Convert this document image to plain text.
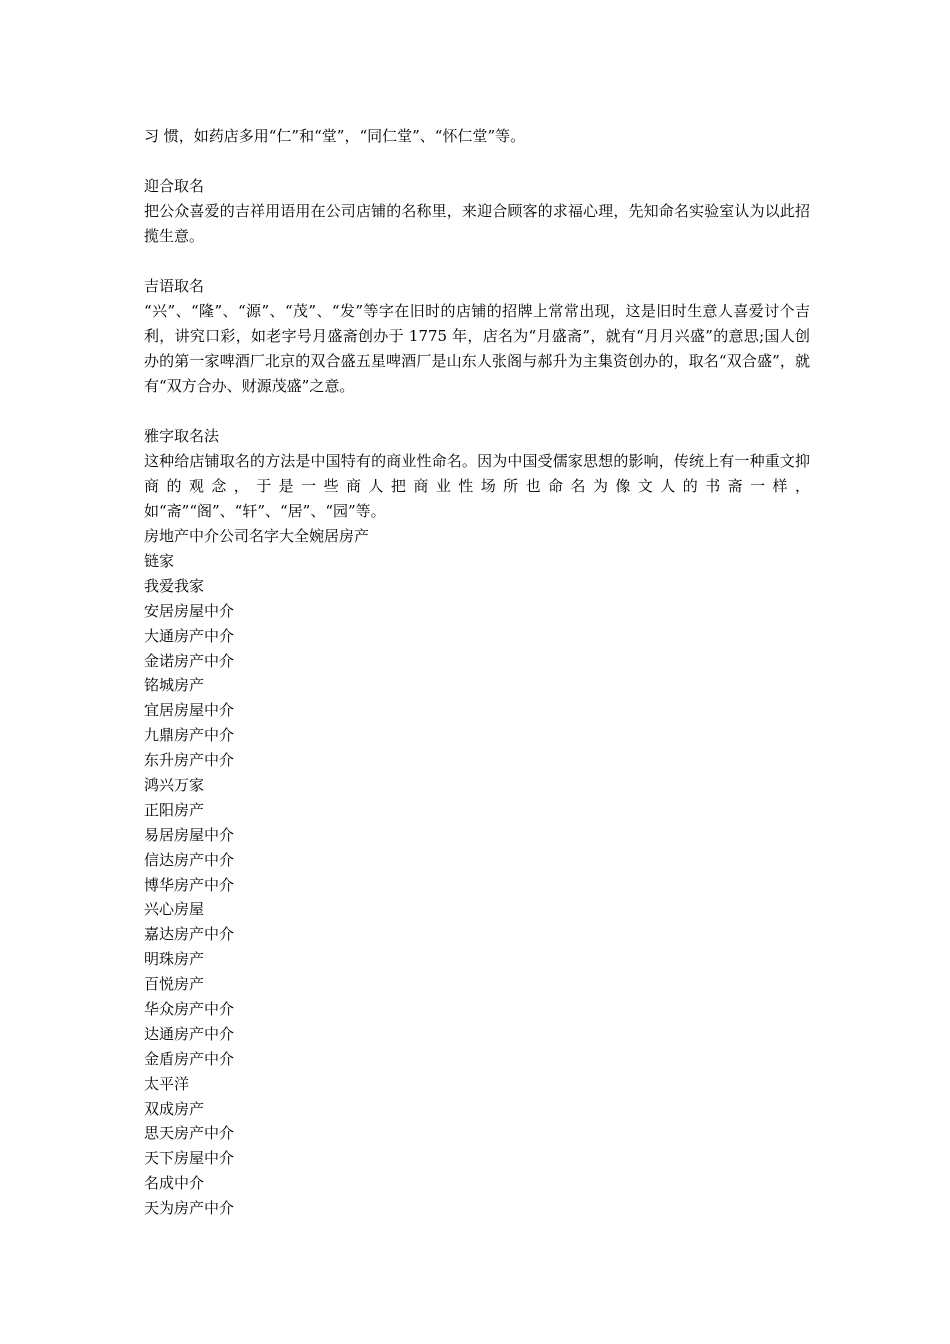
习 惯，如药店多用“仁”和“堂”，“同仁堂”、“怀仁堂”等。
迎合取名
把公众喜爱的吉祥用语用在公司店铺的名称里，来迎合顾客的求福心理，先知命名实验室认为以此招揽生意。
吉语取名
“兴”、“隆”、“源”、“茂”、“发”等字在旧时的店铺的招牌上常常出现，这是旧时生意人喜爱讨个吉利，讲究口彩，如老字号月盛斋创办于 1775 年，店名为“月盛斋”，就有“月月兴盛”的意思;国人创办的第一家啤酒厂北京的双合盛五星啤酒厂是山东人张阁与郝升为主集资创办的，取名“双合盛”，就有“双方合办、财源茂盛”之意。
雅字取名法
这种给店铺取名的方法是中国特有的商业性命名。因为中国受儒家思想的影响，传统上有一种重文抑商的观念，于是一些商人把商业性场所也命名为像文人的书斋一样，如“斋”“阁”、“轩”、“居”、“园”等。
房地产中介公司名字大全婉居房产
链家
我爱我家
安居房屋中介
大通房产中介
金诺房产中介
铭城房产
宜居房屋中介
九鼎房产中介
东升房产中介
鸿兴万家
正阳房产
易居房屋中介
信达房产中介
博华房产中介
兴心房屋
嘉达房产中介
明珠房产
百悦房产
华众房产中介
达通房产中介
金盾房产中介
太平洋
双成房产
思天房产中介
天下房屋中介
名成中介
天为房产中介
